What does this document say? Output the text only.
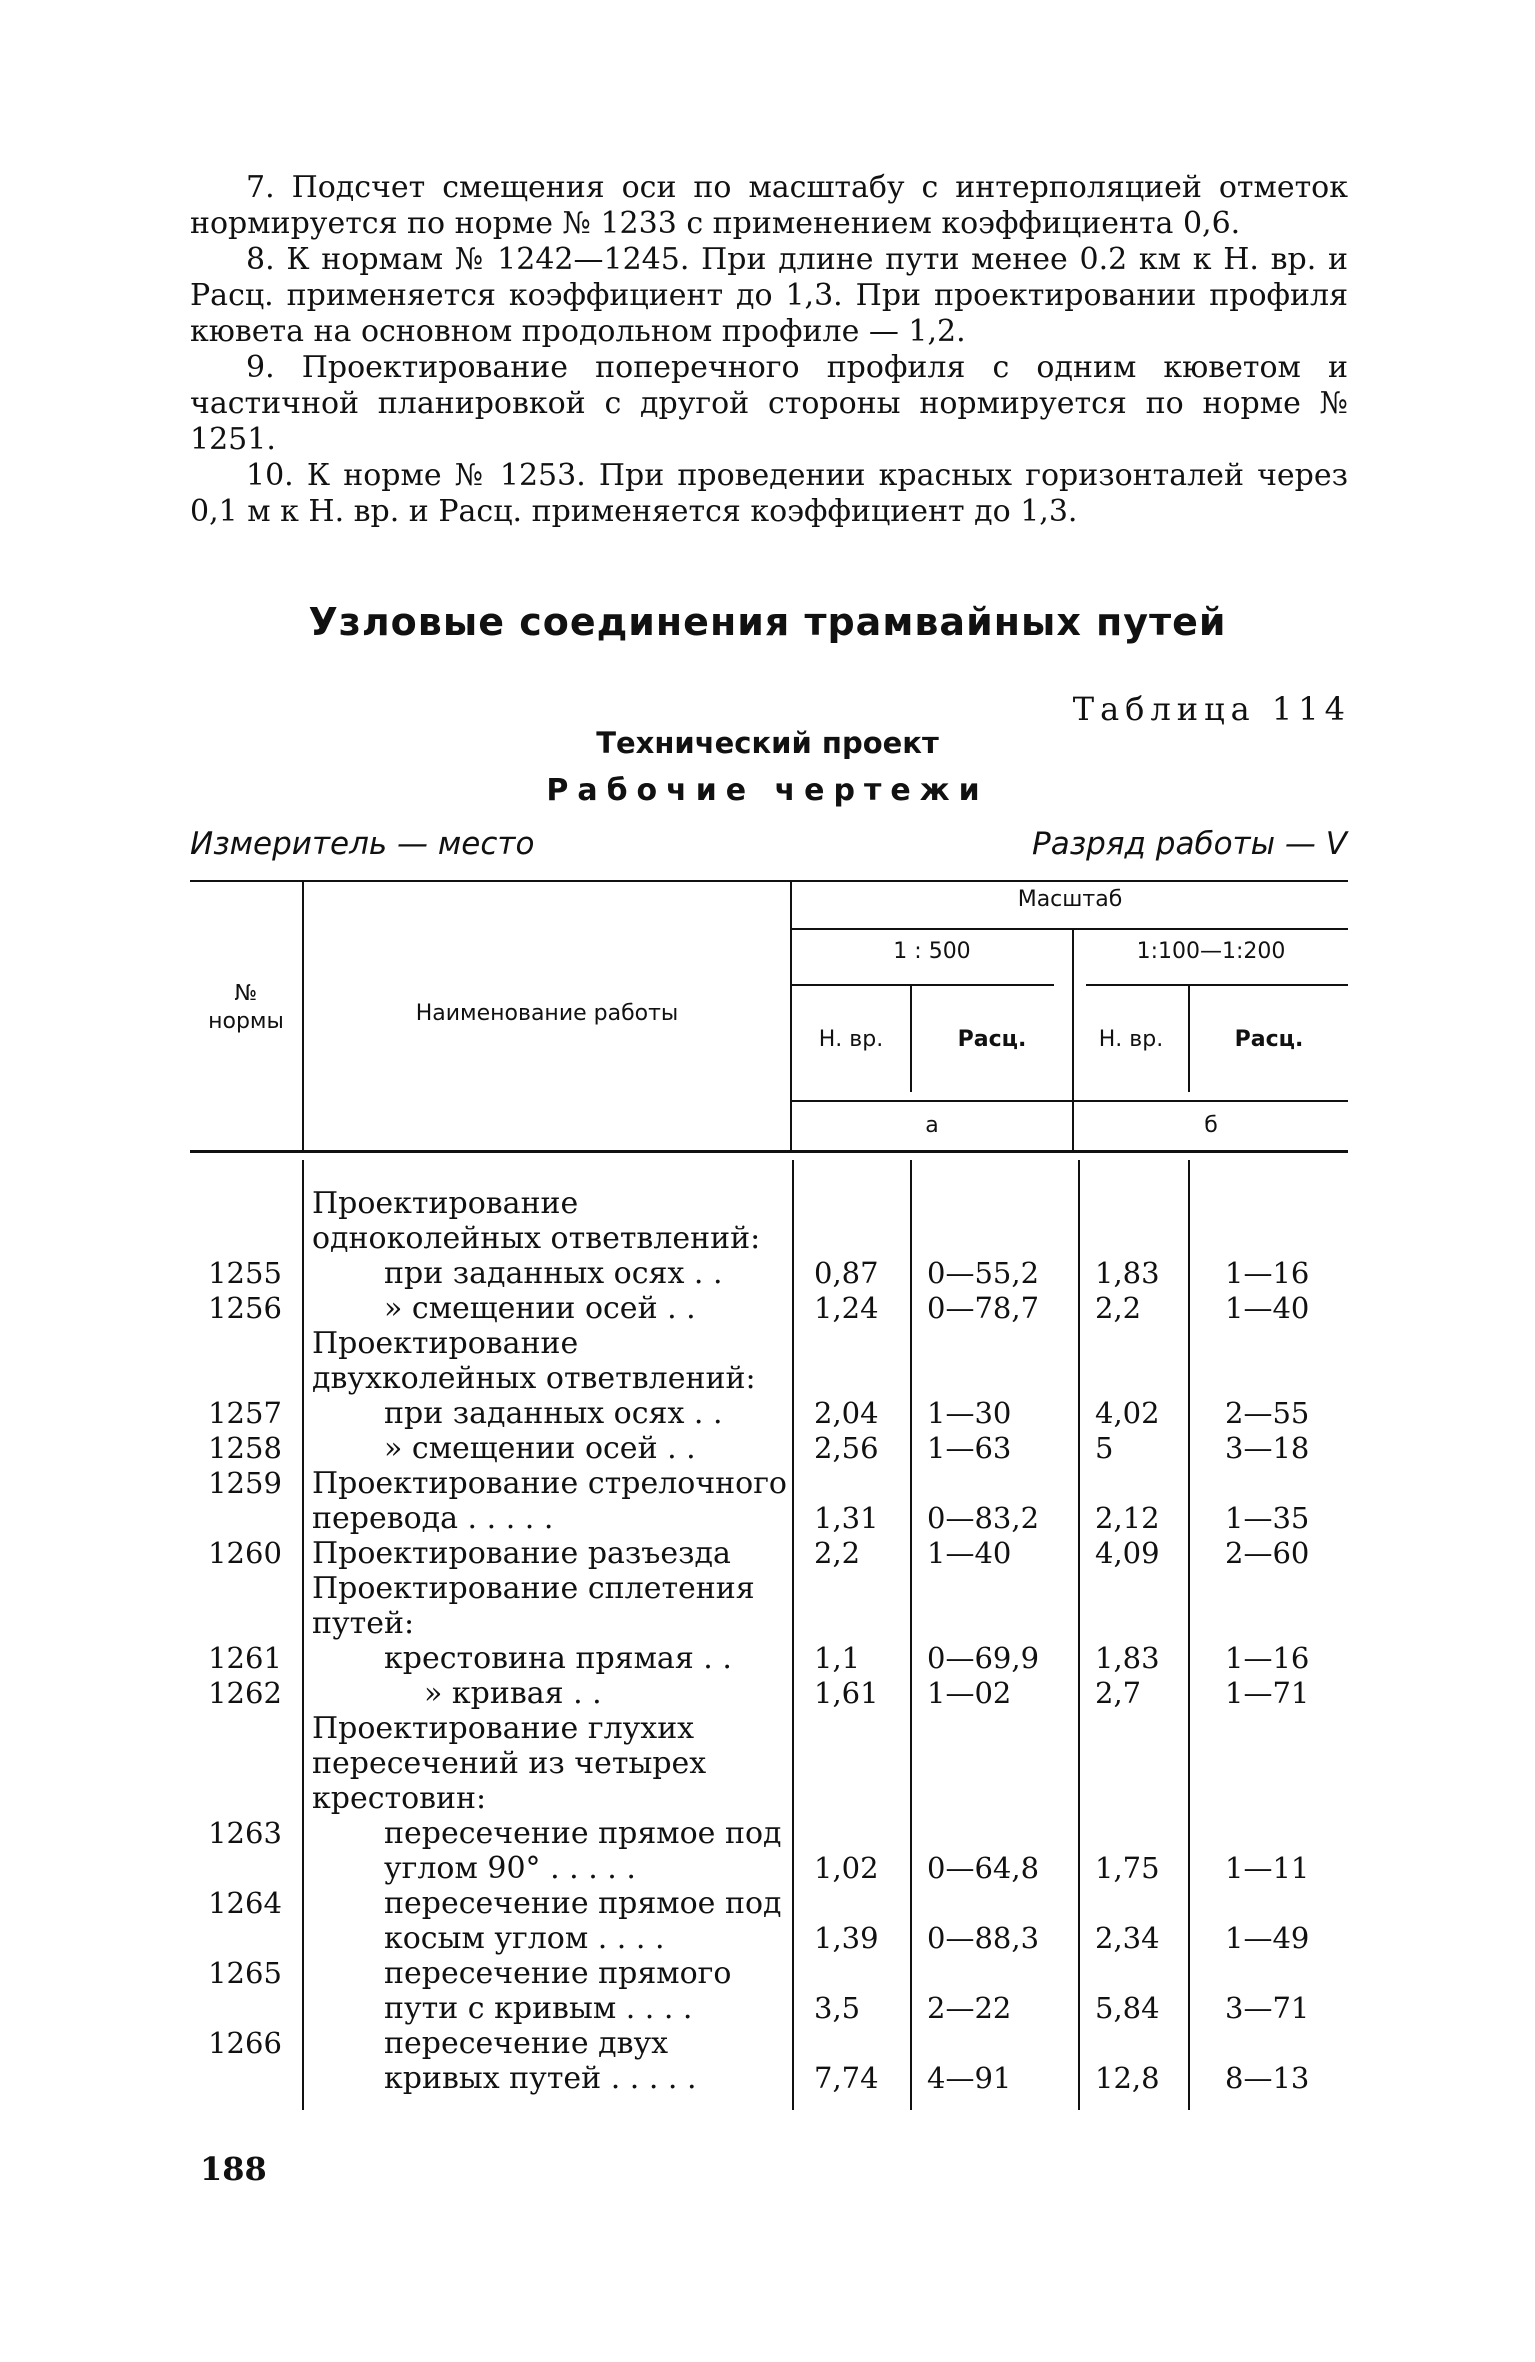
7. Подсчет смещения оси по масштабу с интерполяцией отметок нормируется по норме № 1233 с применением коэффициента 0,6.

8. К нормам № 1242—1245. При длине пути менее 0.2 км к Н. вр. и Расц. применяется коэффициент до 1,3. При проектировании профиля кювета на основном продольном профиле — 1,2.

9. Проектирование поперечного профиля с одним кюветом и частичной планировкой с другой стороны нормируется по норме № 1251.

10. К норме № 1253. При проведении красных горизонталей через 0,1 м к Н. вр. и Расц. применяется коэффициент до 1,3.

Узловые соединения трамвайных путей
Таблица 114
Технический проект
Рабочие чертежи
Измеритель — место	Разряд работы — V
№ нормы	Наименование работы
Масштаб
1 : 500	1:100—1:200
Н. вр.	Расц.	Н. вр.	Расц.
а	б
Проектирование одноколейных ответвлений:
1255	при заданных осях . .	0,87 0—55,2 1,83 1—16
1256	» смещении осей . .	1,24 0—78,7 2,2	1—40
Проектирование двухколейных ответвлений:
1257	при заданных осях . .	2,04 1—30	4,02 2—55
1258	» смещении осей . .	2,56 1—63	5	3—18
1259	Проектирование стрелочного перевода . . . . .	1,31 0—83,2 2,12 1—35
1260	Проектирование разъезда	2,2 1—40	4,09 2—60
Проектирование сплетения путей:
1261	крестовина прямая . .	1,1 0—69,9 1,83 1—16
1262	» кривая . .	1,61 1—02	2,7	1—71
Проектирование глухих пересечений из четырех крестовин:
1263	пересечение прямое под углом 90° . . . . .	1,02 0—64,8 1,75 1—11
1264	пересечение прямое под косым углом . . . .	1,39 0—88,3 2,34 1—49
1265	пересечение прямого пути с кривым . . . .	3,5 2—22	5,84 3—71
1266	пересечение двух кривых путей . . . . .	7,74 4—91	12,8 8—13
188
